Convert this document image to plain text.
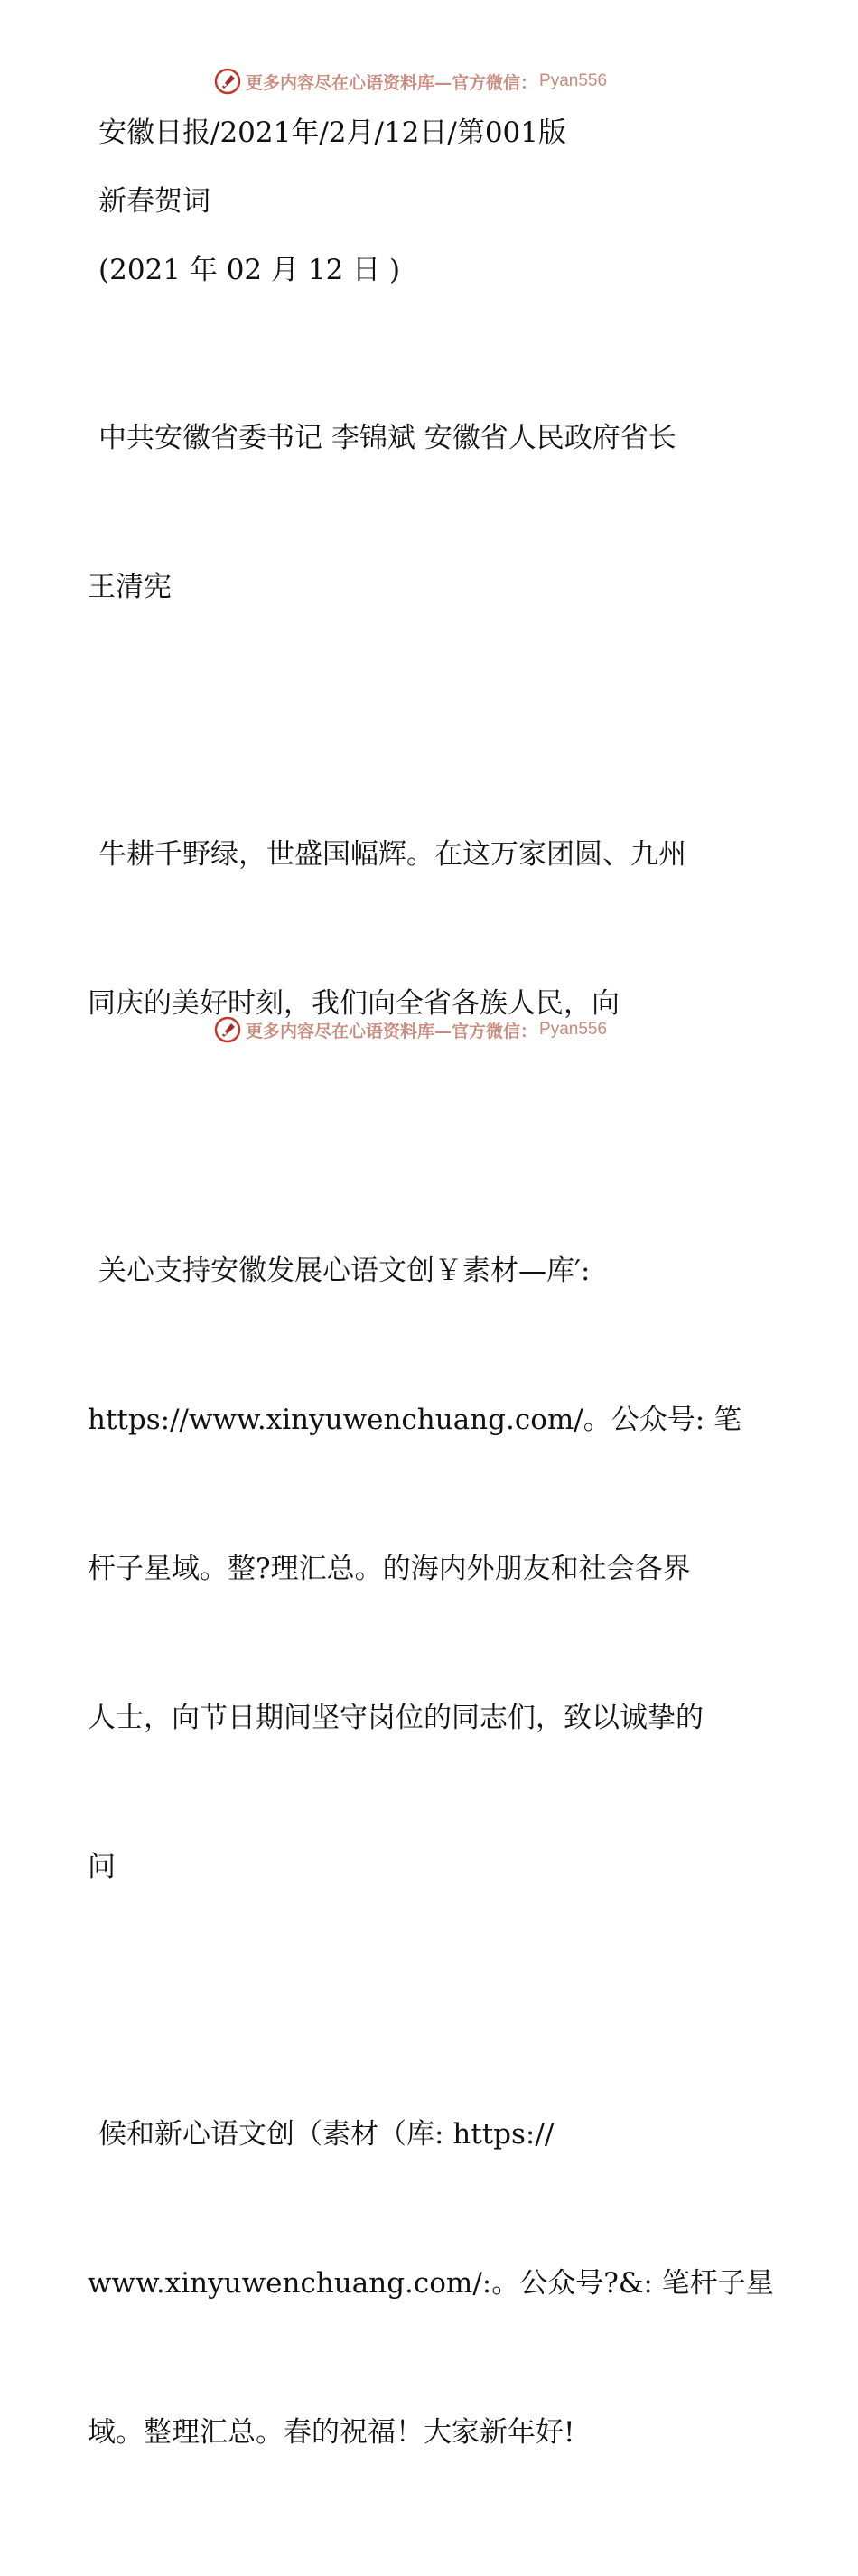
更多内容尽在心语资料库—官方微信： Pyan556

安徽日报/2021年/2月/12日/第001版

新春贺词

(2021 年 02 月 12 日 )

中共安徽省委书记 李锦斌 安徽省人民政府省长

王清宪

牛耕千野绿，世盛国幅辉。在这万家团圆、九州

同庆的美好时刻，我们向全省各族人民，向

关心支持安徽发展心语文创￥素材—库′:

https://www.xinyuwenchuang.com/。公众号: 笔

杆子星域。整?理汇总。的海内外朋友和社会各界

人士，向节日期间坚守岗位的同志们，致以诚挚的

问

候和新心语文创（素材（库: https://

www.xinyuwenchuang.com/:。公众号?&: 笔杆子星

域。整理汇总。春的祝福！大家新年好!

更多内容尽在心语资料库—官方微信： Pyan556
